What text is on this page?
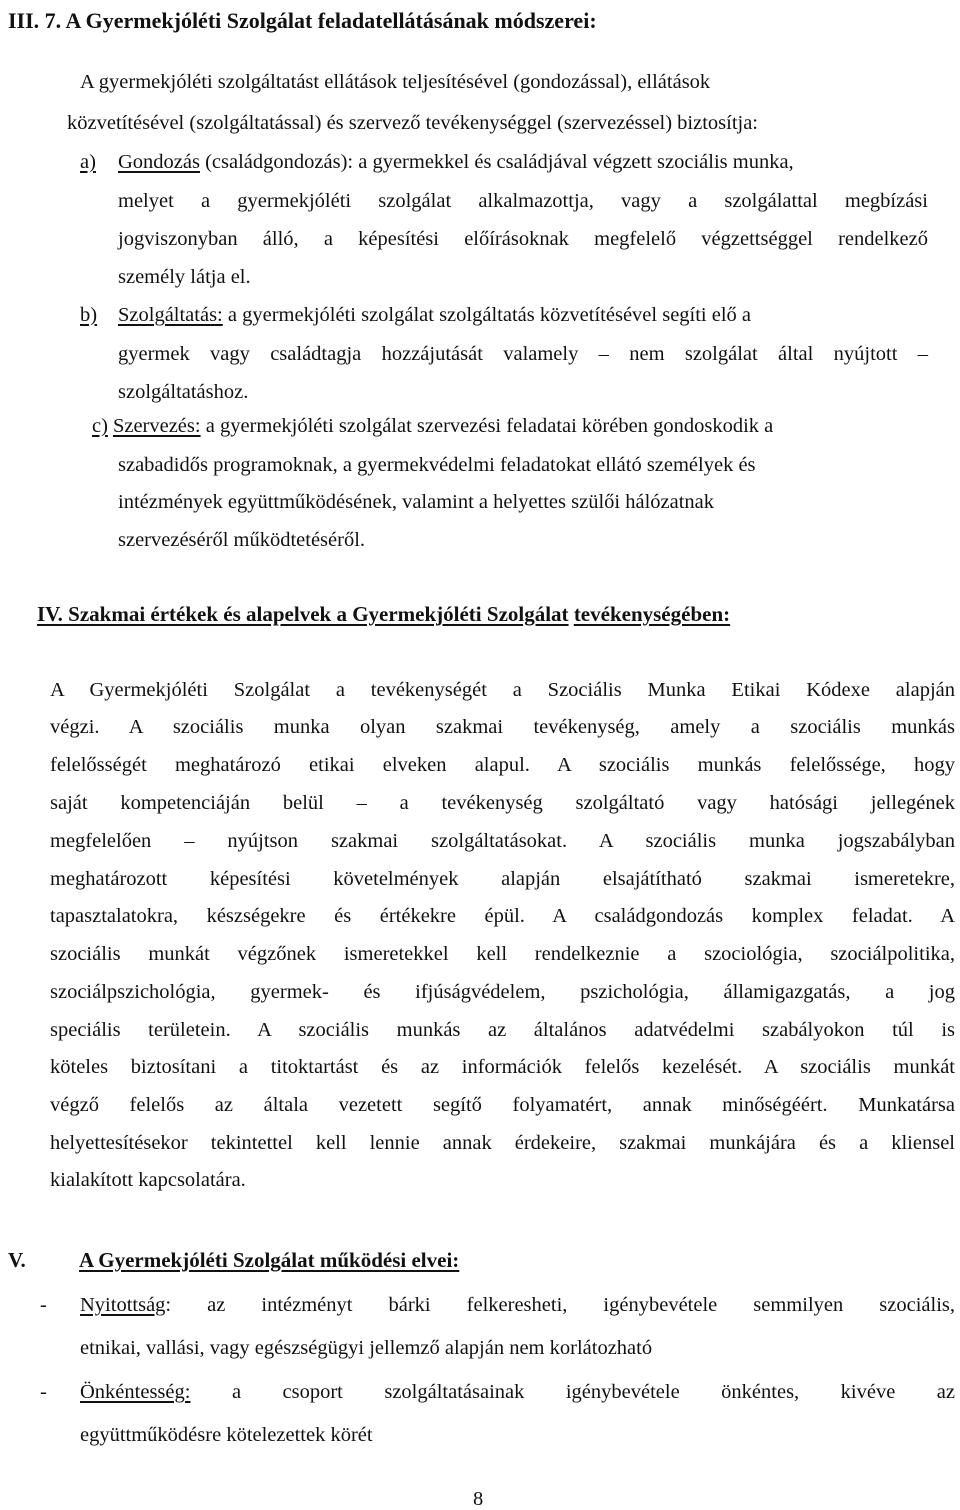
III. 7. A Gyermekjóléti Szolgálat feladatellátásának módszerei:
A gyermekjóléti szolgáltatást ellátások teljesítésével (gondozással), ellátások
közvetítésével (szolgáltatással) és szervező tevékenységgel (szervezéssel) biztosítja:
a) Gondozás (családgondozás): a gyermekkel és családjával végzett szociális munka,
melyet a gyermekjóléti szolgálat alkalmazottja, vagy a szolgálattal megbízási
jogviszonyban álló, a képesítési előírásoknak megfelelő végzettséggel rendelkező
személy látja el.
b) Szolgáltatás: a gyermekjóléti szolgálat szolgáltatás közvetítésével segíti elő a
gyermek vagy családtagja hozzájutását valamely – nem szolgálat által nyújtott –
szolgáltatáshoz.
c) Szervezés: a gyermekjóléti szolgálat szervezési feladatai körében gondoskodik a
szabadidős programoknak, a gyermekvédelmi feladatokat ellátó személyek és
intézmények együttműködésének, valamint a helyettes szülői hálózatnak
szervezéséről működtetéséről.
IV. Szakmai értékek és alapelvek a Gyermekjóléti Szolgálat tevékenységében:
A Gyermekjóléti Szolgálat a tevékenységét a Szociális Munka Etikai Kódexe alapján
végzi. A szociális munka olyan szakmai tevékenység, amely a szociális munkás
felelősségét meghatározó etikai elveken alapul. A szociális munkás felelőssége, hogy
saját kompetenciáján belül – a tevékenység szolgáltató vagy hatósági jellegének
megfelelően – nyújtson szakmai szolgáltatásokat. A szociális munka jogszabályban
meghatározott képesítési követelmények alapján elsajátítható szakmai ismeretekre,
tapasztalatokra, készségekre és értékekre épül. A családgondozás komplex feladat. A
szociális munkát végzőnek ismeretekkel kell rendelkeznie a szociológia, szociálpolitika,
szociálpszichológia, gyermek- és ifjúságvédelem, pszichológia, államigazgatás, a jog
speciális területein. A szociális munkás az általános adatvédelmi szabályokon túl is
köteles biztosítani a titoktartást és az információk felelős kezelését. A szociális munkát
végző felelős az általa vezetett segítő folyamatért, annak minőségéért. Munkatársa
helyettesítésekor tekintettel kell lennie annak érdekeire, szakmai munkájára és a kliensel
kialakított kapcsolatára.
V.	A Gyermekjóléti Szolgálat működési elvei:
- Nyitottság: az intézményt bárki felkeresheti, igénybevétele semmilyen szociális,
etnikai, vallási, vagy egészségügyi jellemző alapján nem korlátozható
- Önkéntesség: a csoport szolgáltatásainak igénybevétele önkéntes, kivéve az
együttműködésre kötelezettek körét
8
